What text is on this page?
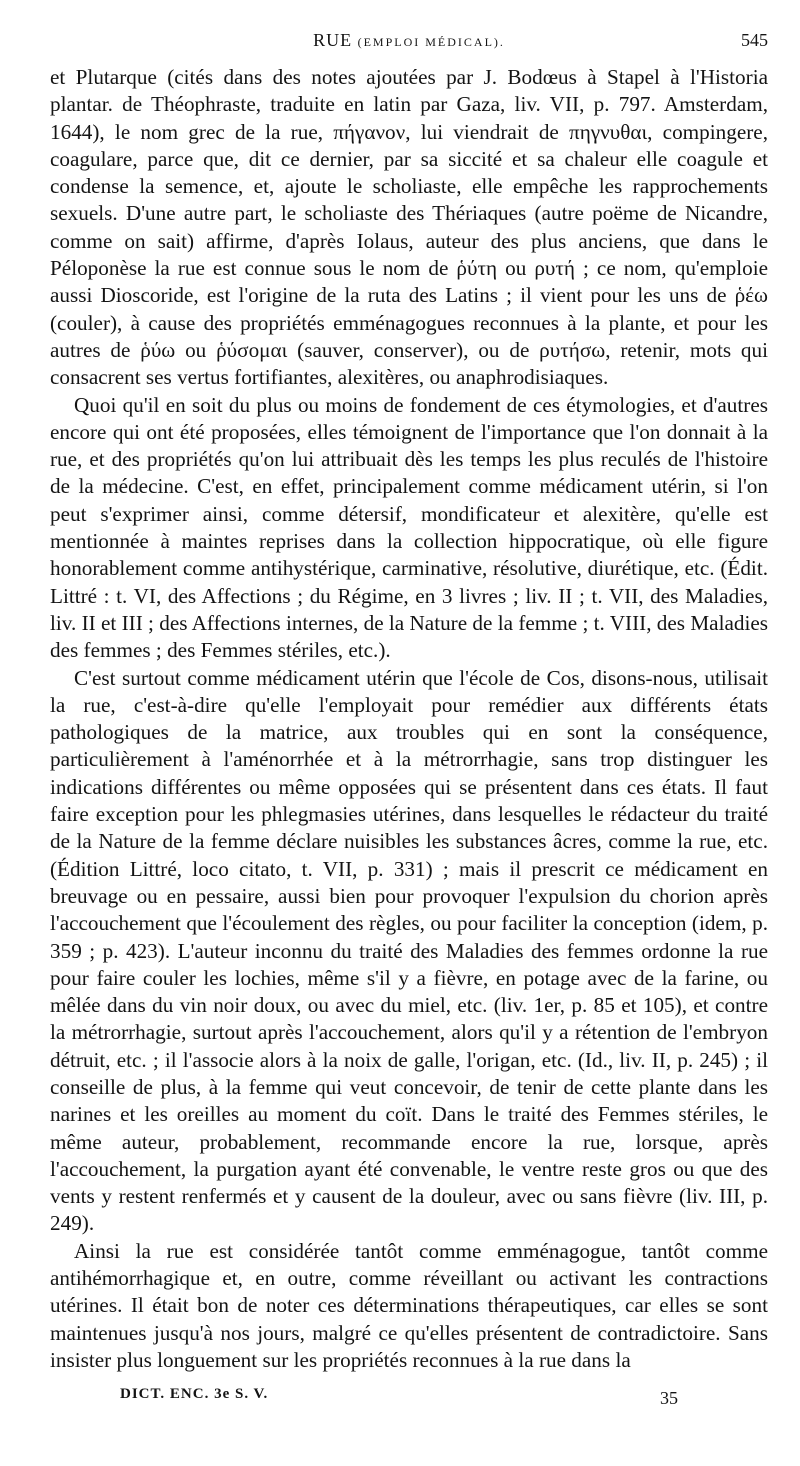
RUE (EMPLOI MÉDICAL).	545

et Plutarque (cités dans des notes ajoutées par J. Bodœus à Stapel à l'Historia plantar. de Théophraste, traduite en latin par Gaza, liv. VII, p. 797. Amsterdam, 1644), le nom grec de la rue, πήγανον, lui viendrait de πηγνυθαι, compingere, coagulare, parce que, dit ce dernier, par sa siccité et sa chaleur elle coagule et condense la semence, et, ajoute le scholiaste, elle empêche les rapprochements sexuels. D'une autre part, le scholiaste des Thériaques (autre poëme de Nicandre, comme on sait) affirme, d'après Iolaus, auteur des plus anciens, que dans le Péloponèse la rue est connue sous le nom de ῥύτη ou ρυτή ; ce nom, qu'emploie aussi Dioscoride, est l'origine de la ruta des Latins ; il vient pour les uns de ῥέω (couler), à cause des propriétés emménagogues reconnues à la plante, et pour les autres de ῥύω ou ῥύσομαι (sauver, conserver), ou de ρυτήσω, retenir, mots qui consacrent ses vertus fortifiantes, alexitères, ou anaphrodisiaques.

Quoi qu'il en soit du plus ou moins de fondement de ces étymologies, et d'autres encore qui ont été proposées, elles témoignent de l'importance que l'on donnait à la rue, et des propriétés qu'on lui attribuait dès les temps les plus reculés de l'histoire de la médecine. C'est, en effet, principalement comme médicament utérin, si l'on peut s'exprimer ainsi, comme détersif, mondificateur et alexitère, qu'elle est mentionnée à maintes reprises dans la collection hippocratique, où elle figure honorablement comme antihystérique, carminative, résolutive, diurétique, etc. (Édit. Littré : t. VI, des Affections ; du Régime, en 3 livres ; liv. II ; t. VII, des Maladies, liv. II et III ; des Affections internes, de la Nature de la femme ; t. VIII, des Maladies des femmes ; des Femmes stériles, etc.).

C'est surtout comme médicament utérin que l'école de Cos, disons-nous, utilisait la rue, c'est-à-dire qu'elle l'employait pour remédier aux différents états pathologiques de la matrice, aux troubles qui en sont la conséquence, particulièrement à l'aménorrhée et à la métrorrhagie, sans trop distinguer les indications différentes ou même opposées qui se présentent dans ces états. Il faut faire exception pour les phlegmasies utérines, dans lesquelles le rédacteur du traité de la Nature de la femme déclare nuisibles les substances âcres, comme la rue, etc. (Édition Littré, loco citato, t. VII, p. 331) ; mais il prescrit ce médicament en breuvage ou en pessaire, aussi bien pour provoquer l'expulsion du chorion après l'accouchement que l'écoulement des règles, ou pour faciliter la conception (idem, p. 359 ; p. 423). L'auteur inconnu du traité des Maladies des femmes ordonne la rue pour faire couler les lochies, même s'il y a fièvre, en potage avec de la farine, ou mêlée dans du vin noir doux, ou avec du miel, etc. (liv. 1er, p. 85 et 105), et contre la métrorrhagie, surtout après l'accouchement, alors qu'il y a rétention de l'embryon détruit, etc. ; il l'associe alors à la noix de galle, l'origan, etc. (Id., liv. II, p. 245) ; il conseille de plus, à la femme qui veut concevoir, de tenir de cette plante dans les narines et les oreilles au moment du coït. Dans le traité des Femmes stériles, le même auteur, probablement, recommande encore la rue, lorsque, après l'accouchement, la purgation ayant été convenable, le ventre reste gros ou que des vents y restent renfermés et y causent de la douleur, avec ou sans fièvre (liv. III, p. 249).

Ainsi la rue est considérée tantôt comme emménagogue, tantôt comme antihémorrhagique et, en outre, comme réveillant ou activant les contractions utérines. Il était bon de noter ces déterminations thérapeutiques, car elles se sont maintenues jusqu'à nos jours, malgré ce qu'elles présentent de contradictoire. Sans insister plus longuement sur les propriétés reconnues à la rue dans la

DICT. ENC. 3e S. V.	35
